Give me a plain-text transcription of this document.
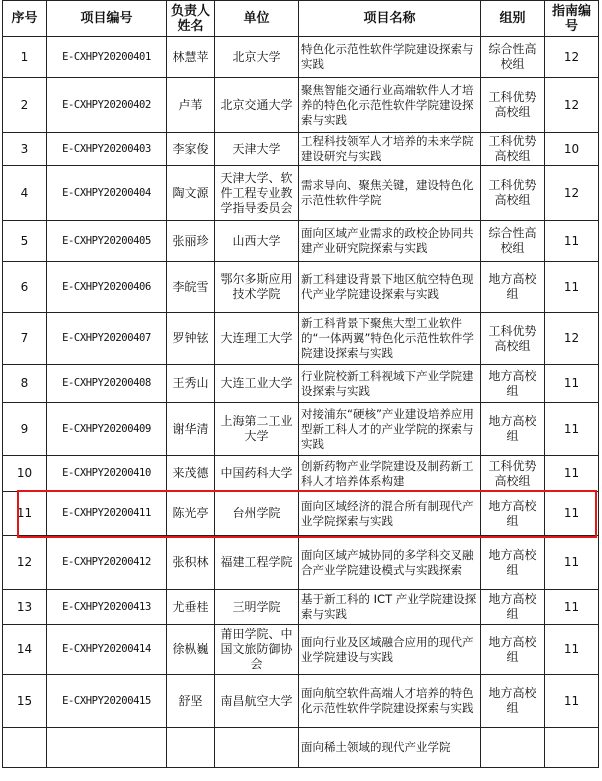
序号	项目编号	负责人姓名	单位	项目名称	组别	指南编号
1	E-CXHPY20200401	林慧苹	北京大学	特色化示范性软件学院建设探索与实践	综合性高校组	12
2	E-CXHPY20200402	卢苇	北京交通大学	聚焦智能交通行业高端软件人才培养的特色化示范性软件学院建设探索与实践	工科优势高校组	12
3	E-CXHPY20200403	李家俊	天津大学	工程科技领军人才培养的未来学院建设研究与实践	工科优势高校组	10
4	E-CXHPY20200404	陶文源	天津大学、软件工程专业教学指导委员会	需求导向、聚焦关键，建设特色化示范性软件学院	工科优势高校组	12
5	E-CXHPY20200405	张丽珍	山西大学	面向区域产业需求的政校企协同共建产业研究院探索与实践	综合性高校组	11
6	E-CXHPY20200406	李皖雪	鄂尔多斯应用技术学院	新工科建设背景下地区航空特色现代产业学院建设探索与实践	地方高校组	11
7	E-CXHPY20200407	罗钟铉	大连理工大学	新工科背景下聚焦大型工业软件的“一体两翼”特色化示范性软件学院建设探索与实践	工科优势高校组	12
8	E-CXHPY20200408	王秀山	大连工业大学	行业院校新工科视域下产业学院建设探索与实践	地方高校组	11
9	E-CXHPY20200409	谢华清	上海第二工业大学	对接浦东“硬核”产业建设培养应用型新工科人才的产业学院的探索与实践	地方高校组	11
10	E-CXHPY20200410	来茂德	中国药科大学	创新药物产业学院建设及制药新工科人才培养体系构建	工科优势高校组	11
11	E-CXHPY20200411	陈光亭	台州学院	面向区域经济的混合所有制现代产业学院探索与实践	地方高校组	11
12	E-CXHPY20200412	张积林	福建工程学院	面向区域产城协同的多学科交叉融合产业学院建设模式与实践探索	地方高校组	11
13	E-CXHPY20200413	尤垂桂	三明学院	基于新工科的 ICT 产业学院建设探索与实践	地方高校组	11
14	E-CXHPY20200414	徐枞巍	莆田学院、中国文旅防御协会	面向行业及区域融合应用的现代产业学院建设与实践	地方高校组	11
15	E-CXHPY20200415	舒坚	南昌航空大学	面向航空软件高端人才培养的特色化示范性软件学院建设探索与实践	地方高校组	11
				面向稀土领域的现代产业学院		
